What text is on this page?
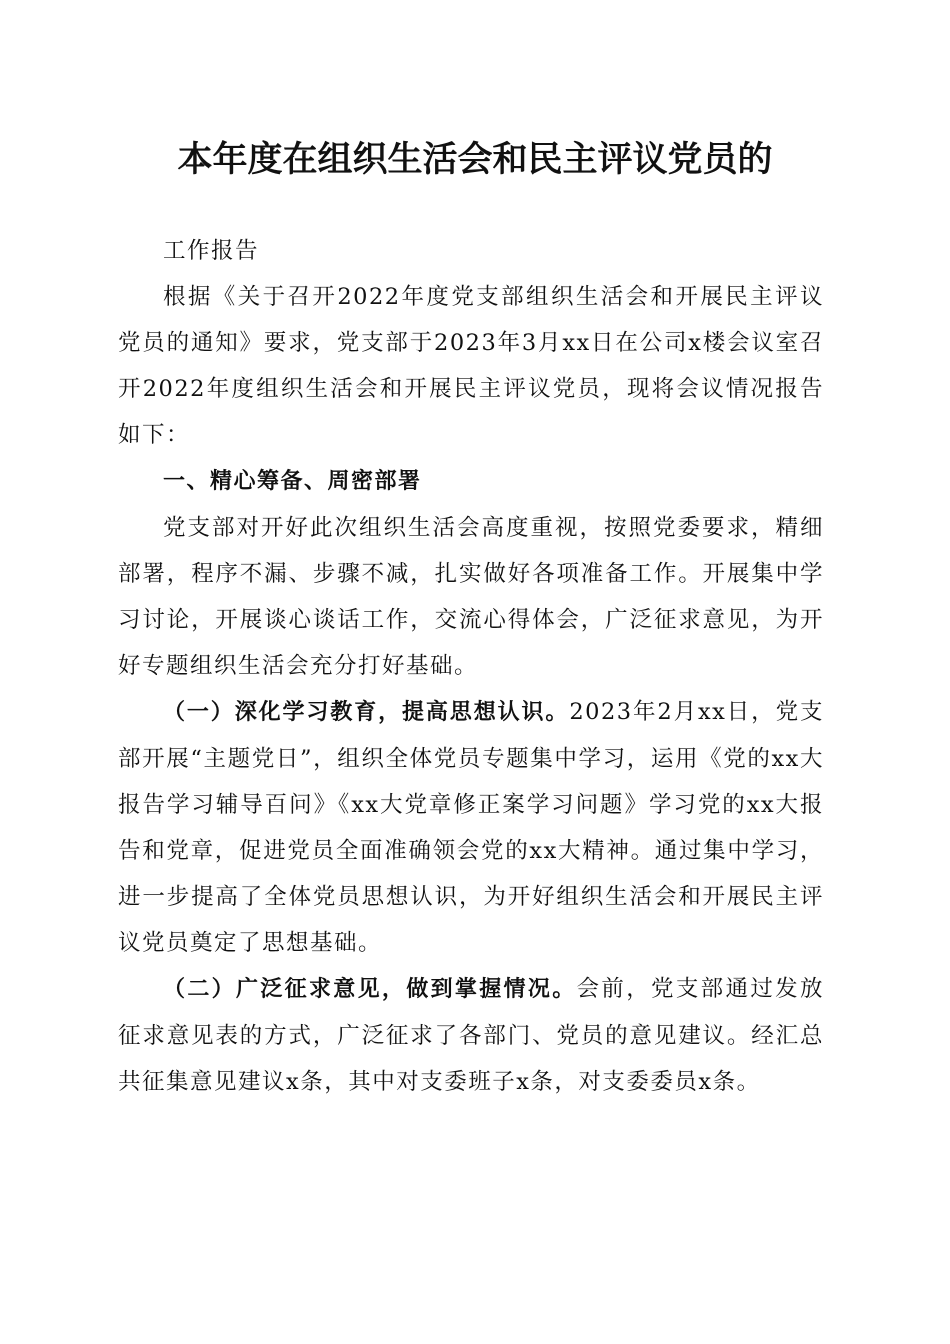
本年度在组织生活会和民主评议党员的

工作报告

根据《关于召开2022年度党支部组织生活会和开展民主评议党员的通知》要求，党支部于2023年3月xx日在公司x楼会议室召开2022年度组织生活会和开展民主评议党员，现将会议情况报告如下：

一、精心筹备、周密部署

党支部对开好此次组织生活会高度重视，按照党委要求，精细部署，程序不漏、步骤不减，扎实做好各项准备工作。开展集中学习讨论，开展谈心谈话工作，交流心得体会，广泛征求意见，为开好专题组织生活会充分打好基础。

（一）深化学习教育，提高思想认识。2023年2月xx日，党支部开展“主题党日”，组织全体党员专题集中学习，运用《党的xx大报告学习辅导百问》《xx大党章修正案学习问题》学习党的xx大报告和党章，促进党员全面准确领会党的xx大精神。通过集中学习，进一步提高了全体党员思想认识，为开好组织生活会和开展民主评议党员奠定了思想基础。

（二）广泛征求意见，做到掌握情况。会前，党支部通过发放征求意见表的方式，广泛征求了各部门、党员的意见建议。经汇总共征集意见建议x条，其中对支委班子x条，对支委委员x条。
